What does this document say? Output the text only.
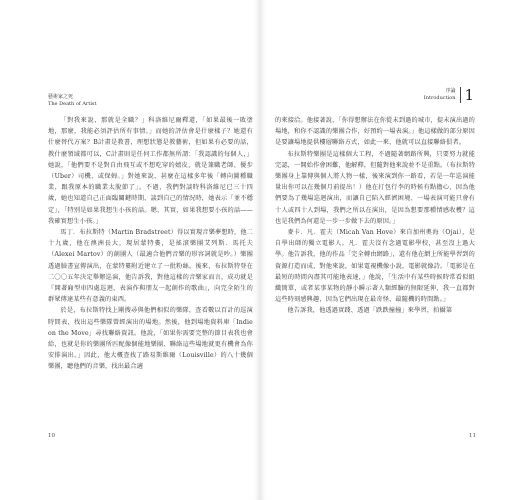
藝術家之死
The Death of Artist

「對我來說，那就是全職？」科洛維尼爾釋道，「如果最後一敗塗地，那麼，我能必須評估所有事情。」而她的評估會是什麼樣子？她還有什麼替代方案？B計畫是教書，理想狀態是教藝術，但如果有必要的話，教什麼領域都可以，C計畫則是任何工作都無所謂：「我認識的每個人，」她說，「他們要不是對自由飛互或不想吃穿的嬉皮，就是兼職老師、優步（Uber）司機、或保姆。」對她來說，甚麼在這樣多年後「轉向圖種職業，跟我原本的職業太脫節了」。不過，我們對談時科洛維尼已三十四歲，她也知道自己正面臨關鍵時期，談到自己的情況時，她表示「並不穩定」，「特別是如果我想生小孩的話。嗯，其實，如果我想要小孩的話——我確實想生小孩。」

馬丁．布拉斯特（Martin Bradstreet）得以實現音樂夢想時，他二十九歲，他在澳洲長大，現居蒙特婁，是搖滾樂團艾列斯．馬托夫（Alexei Martov）的創團人（最適合他們音樂的形容詞就是吵。）樂團透過臉書宣傳演出，在蒙特婁附近建立了一批粉絲。後來，布拉斯特登在二〇〇五年決定舉辦巡演，他告訴我，對他這樣的音樂家而言，成功就是『開著廂型車四處巡迴，表演作與朋友一起創作的歌曲』，向完全陌生的群眾傳達某些有意義的東西。

於是，布拉斯特找上剛搜尋與他們相似的樂隊，查看數以百計的巡演時間表，找出這些樂隊曾經演出的場地。然後，他到場地資料庫「Indie on the Move」尋找聯絡資訊。他說，「如果你需要完整的節目表我也會給，也就是你的樂團所匹配像個能地樂團、聯絡這些場地就更有機會為你安排演出。」因此，他大概查找了路易斯維爾（Louisville）的八十幾個樂團，聽他們的音樂，找出最合適

10
序論
Introduction 1

的來接洽。他接著說，「你得想辦法在你從未到過的城市，提未演出過的場地，和你不認識的樂團合作，好預約一場表演。」他這樣做的部分原因是要讓場地提供樓層聯絡方式，如此一來，他就可以直接聯絡俱者。

布拉斯特樂團是這樣個大工程，不過隨著網路所興，只要努力就能完認，一開始作會困難，他解釋，但隨對他來說並不是重點。（布拉斯特樂團身上靠傳與個人將人物一樣，後來演到你一路看，若是一年巡演能量出你可以在幾個月前提出！）他在打包行李的時候有點擔心，因為他們要為了幾場巡迴演出，而讓自己陷入經濟困境、一場表演可能只會有十人或四十人到場，我們之所以在演出，是因為想要那種情感收穫？這也是我們為何還是一步一步做下去的原因。」

麥卡．凡．霍夫（Micah Van Hove）來自加州奧海（Ojai），是自學出師的獨立電影人。凡．霍夫沒有念過電影學校，甚至沒上過大學。他告訴我，他的作品「完全轉由網路」，還有他在網上所能學習到的資源打造而成，對他來說，如果電視機像小說，電影就像詩。「電影是在最短的時間內盡其可能地表達，」他說，「生活中有某些時候時常看似組織簡單，或者某事某物的靜小瞬示著人類經驗的無限延伸，我一直都對這些時刻感興趣，因為它們出現在最奇怪、最隨機的時間點。」

他告訴我，他透過實踐、透過「跌跌撞撞」來學習，拍攝第

11
